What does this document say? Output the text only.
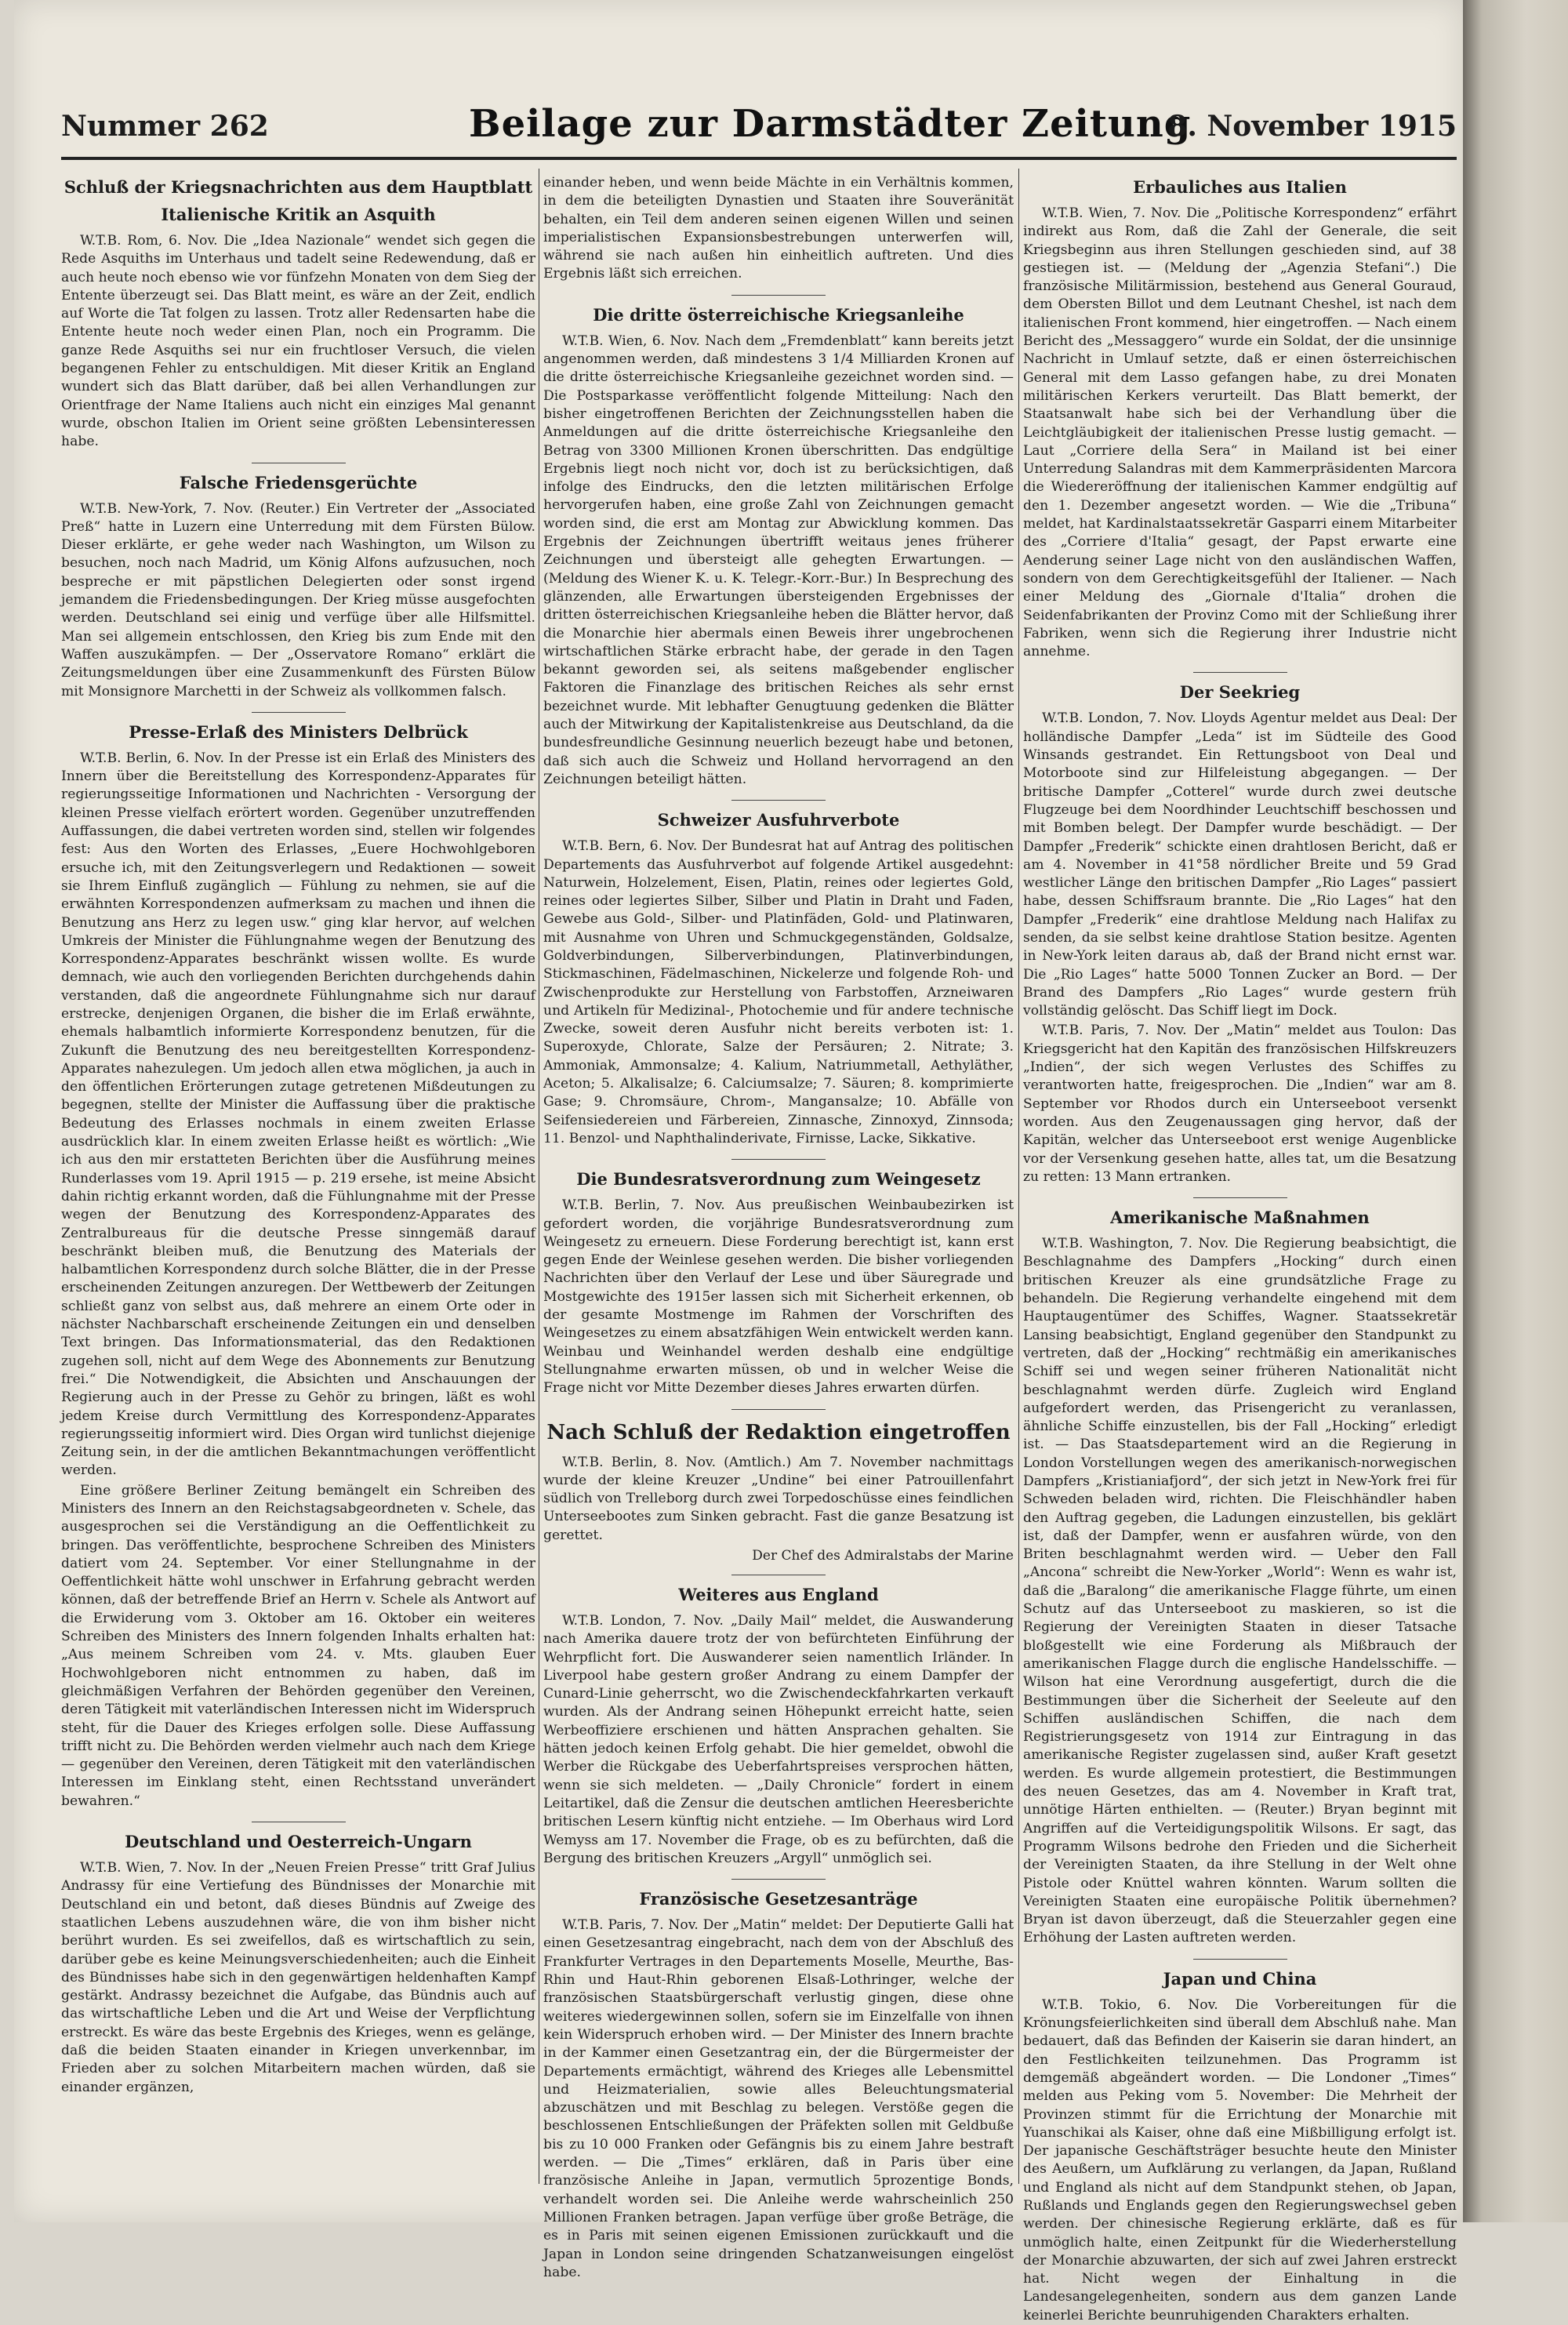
Nummer 262	Beilage zur Darmstädter Zeitung
8. November 1915
Schluß der Kriegsnachrichten aus dem Hauptblatt
Italienische Kritik an Asquith

W.T.B. Rom, 6. Nov. Die „Idea Nazionale“ wendet sich gegen die Rede Asquiths im Unterhaus und tadelt seine Redewendung, daß er auch heute noch ebenso wie vor fünfzehn Monaten von dem Sieg der Entente überzeugt sei. Das Blatt meint, es wäre an der Zeit, endlich auf Worte die Tat folgen zu lassen. Trotz aller Redensarten habe die Entente heute noch weder einen Plan, noch ein Programm. Die ganze Rede Asquiths sei nur ein fruchtloser Versuch, die vielen begangenen Fehler zu entschuldigen. Mit dieser Kritik an England wundert sich das Blatt darüber, daß bei allen Verhandlungen zur Orientfrage der Name Italiens auch nicht ein einziges Mal genannt wurde, obschon Italien im Orient seine größten Lebensinteressen habe.

Falsche Friedensgerüchte

W.T.B. New-York, 7. Nov. (Reuter.) Ein Vertreter der „Associated Preß“ hatte in Luzern eine Unterredung mit dem Fürsten Bülow. Dieser erklärte, er gehe weder nach Washington, um Wilson zu besuchen, noch nach Madrid, um König Alfons aufzusuchen, noch bespreche er mit päpstlichen Delegierten oder sonst irgend jemandem die Friedensbedingungen. Der Krieg müsse ausgefochten werden. Deutschland sei einig und verfüge über alle Hilfsmittel. Man sei allgemein entschlossen, den Krieg bis zum Ende mit den Waffen auszukämpfen. — Der „Osservatore Romano“ erklärt die Zeitungsmeldungen über eine Zusammenkunft des Fürsten Bülow mit Monsignore Marchetti in der Schweiz als vollkommen falsch.

Presse-Erlaß des Ministers Delbrück

W.T.B. Berlin, 6. Nov. In der Presse ist ein Erlaß des Ministers des Innern über die Bereitstellung des Korrespondenz-Apparates für regierungsseitige Informationen und Nachrichten - Versorgung der kleinen Presse vielfach erörtert worden. Gegenüber unzutreffenden Auffassungen, die dabei vertreten worden sind, stellen wir folgendes fest: Aus den Worten des Erlasses, „Euere Hochwohlgeboren ersuche ich, mit den Zeitungsverlegern und Redaktionen — soweit sie Ihrem Einfluß zugänglich — Fühlung zu nehmen, sie auf die erwähnten Korrespondenzen aufmerksam zu machen und ihnen die Benutzung ans Herz zu legen usw.“ ging klar hervor, auf welchen Umkreis der Minister die Fühlungnahme wegen der Benutzung des Korrespondenz-Apparates beschränkt wissen wollte. Es wurde demnach, wie auch den vorliegenden Berichten durchgehends dahin verstanden, daß die angeordnete Fühlungnahme sich nur darauf erstrecke, denjenigen Organen, die bisher die im Erlaß erwähnte, ehemals halbamtlich informierte Korrespondenz benutzen, für die Zukunft die Benutzung des neu bereitgestellten Korrespondenz-Apparates nahezulegen. Um jedoch allen etwa möglichen, ja auch in den öffentlichen Erörterungen zutage getretenen Mißdeutungen zu begegnen, stellte der Minister die Auffassung über die praktische Bedeutung des Erlasses nochmals in einem zweiten Erlasse ausdrücklich klar. In einem zweiten Erlasse heißt es wörtlich: „Wie ich aus den mir erstatteten Berichten über die Ausführung meines Runderlasses vom 19. April 1915 — p. 219 ersehe, ist meine Absicht dahin richtig erkannt worden, daß die Fühlungnahme mit der Presse wegen der Benutzung des Korrespondenz-Apparates des Zentralbureaus für die deutsche Presse sinngemäß darauf beschränkt bleiben muß, die Benutzung des Materials der halbamtlichen Korrespondenz durch solche Blätter, die in der Presse erscheinenden Zeitungen anzuregen. Der Wettbewerb der Zeitungen schließt ganz von selbst aus, daß mehrere an einem Orte oder in nächster Nachbarschaft erscheinende Zeitungen ein und denselben Text bringen. Das Informationsmaterial, das den Redaktionen zugehen soll, nicht auf dem Wege des Abonnements zur Benutzung frei.“ Die Notwendigkeit, die Absichten und Anschauungen der Regierung auch in der Presse zu Gehör zu bringen, läßt es wohl jedem Kreise durch Vermittlung des Korrespondenz-Apparates regierungsseitig informiert wird. Dies Organ wird tunlichst diejenige Zeitung sein, in der die amtlichen Bekanntmachungen veröffentlicht werden.

Eine größere Berliner Zeitung bemängelt ein Schreiben des Ministers des Innern an den Reichstagsabgeordneten v. Schele, das ausgesprochen sei die Verständigung an die Oeffentlichkeit zu bringen. Das veröffentlichte, besprochene Schreiben des Ministers datiert vom 24. September. Vor einer Stellungnahme in der Oeffentlichkeit hätte wohl unschwer in Erfahrung gebracht werden können, daß der betreffende Brief an Herrn v. Schele als Antwort auf die Erwiderung vom 3. Oktober am 16. Oktober ein weiteres Schreiben des Ministers des Innern folgenden Inhalts erhalten hat: „Aus meinem Schreiben vom 24. v. Mts. glauben Euer Hochwohlgeboren nicht entnommen zu haben, daß im gleichmäßigen Verfahren der Behörden gegenüber den Vereinen, deren Tätigkeit mit vaterländischen Interessen nicht im Widerspruch steht, für die Dauer des Krieges erfolgen solle. Diese Auffassung trifft nicht zu. Die Behörden werden vielmehr auch nach dem Kriege — gegenüber den Vereinen, deren Tätigkeit mit den vaterländischen Interessen im Einklang steht, einen Rechtsstand unverändert bewahren.“

Deutschland und Oesterreich-Ungarn

W.T.B. Wien, 7. Nov. In der „Neuen Freien Presse“ tritt Graf Julius Andrassy für eine Vertiefung des Bündnisses der Monarchie mit Deutschland ein und betont, daß dieses Bündnis auf Zweige des staatlichen Lebens auszudehnen wäre, die von ihm bisher nicht berührt wurden. Es sei zweifellos, daß es wirtschaftlich zu sein, darüber gebe es keine Meinungsverschiedenheiten; auch die Einheit des Bündnisses habe sich in den gegenwärtigen heldenhaften Kampf gestärkt. Andrassy bezeichnet die Aufgabe, das Bündnis auch auf das wirtschaftliche Leben und die Art und Weise der Verpflichtung erstreckt. Es wäre das beste Ergebnis des Krieges, wenn es gelänge, daß die beiden Staaten einander in Kriegen unverkennbar, im Frieden aber zu solchen Mitarbeitern machen würden, daß sie einander ergänzen,

einander heben, und wenn beide Mächte in ein Verhältnis kommen, in dem die beteiligten Dynastien und Staaten ihre Souveränität behalten, ein Teil dem anderen seinen eigenen Willen und seinen imperialistischen Expansionsbestrebungen unterwerfen will, während sie nach außen hin einheitlich auftreten. Und dies Ergebnis läßt sich erreichen.

Die dritte österreichische Kriegsanleihe

W.T.B. Wien, 6. Nov. Nach dem „Fremdenblatt“ kann bereits jetzt angenommen werden, daß mindestens 3 1/4 Milliarden Kronen auf die dritte österreichische Kriegsanleihe gezeichnet worden sind. — Die Postsparkasse veröffentlicht folgende Mitteilung: Nach den bisher eingetroffenen Berichten der Zeichnungsstellen haben die Anmeldungen auf die dritte österreichische Kriegsanleihe den Betrag von 3300 Millionen Kronen überschritten. Das endgültige Ergebnis liegt noch nicht vor, doch ist zu berücksichtigen, daß infolge des Eindrucks, den die letzten militärischen Erfolge hervorgerufen haben, eine große Zahl von Zeichnungen gemacht worden sind, die erst am Montag zur Abwicklung kommen. Das Ergebnis der Zeichnungen übertrifft weitaus jenes früherer Zeichnungen und übersteigt alle gehegten Erwartungen. — (Meldung des Wiener K. u. K. Telegr.-Korr.-Bur.) In Besprechung des glänzenden, alle Erwartungen übersteigenden Ergebnisses der dritten österreichischen Kriegsanleihe heben die Blätter hervor, daß die Monarchie hier abermals einen Beweis ihrer ungebrochenen wirtschaftlichen Stärke erbracht habe, der gerade in den Tagen bekannt geworden sei, als seitens maßgebender englischer Faktoren die Finanzlage des britischen Reiches als sehr ernst bezeichnet wurde. Mit lebhafter Genugtuung gedenken die Blätter auch der Mitwirkung der Kapitalistenkreise aus Deutschland, da die bundesfreundliche Gesinnung neuerlich bezeugt habe und betonen, daß sich auch die Schweiz und Holland hervorragend an den Zeichnungen beteiligt hätten.

Schweizer Ausfuhrverbote

W.T.B. Bern, 6. Nov. Der Bundesrat hat auf Antrag des politischen Departements das Ausfuhrverbot auf folgende Artikel ausgedehnt: Naturwein, Holzelement, Eisen, Platin, reines oder legiertes Gold, reines oder legiertes Silber, Silber und Platin in Draht und Faden, Gewebe aus Gold-, Silber- und Platinfäden, Gold- und Platinwaren, mit Ausnahme von Uhren und Schmuckgegenständen, Goldsalze, Goldverbindungen, Silberverbindungen, Platinverbindungen, Stickmaschinen, Fädelmaschinen, Nickelerze und folgende Roh- und Zwischenprodukte zur Herstellung von Farbstoffen, Arzneiwaren und Artikeln für Medizinal-, Photochemie und für andere technische Zwecke, soweit deren Ausfuhr nicht bereits verboten ist: 1. Superoxyde, Chlorate, Salze der Persäuren; 2. Nitrate; 3. Ammoniak, Ammonsalze; 4. Kalium, Natriummetall, Aethyläther, Aceton; 5. Alkalisalze; 6. Calciumsalze; 7. Säuren; 8. komprimierte Gase; 9. Chromsäure, Chrom-, Mangansalze; 10. Abfälle von Seifensiedereien und Färbereien, Zinnasche, Zinnoxyd, Zinnsoda; 11. Benzol- und Naphthalinderivate, Firnisse, Lacke, Sikkative.

Die Bundesratsverordnung zum Weingesetz

W.T.B. Berlin, 7. Nov. Aus preußischen Weinbaubezirken ist gefordert worden, die vorjährige Bundesratsverordnung zum Weingesetz zu erneuern. Diese Forderung berechtigt ist, kann erst gegen Ende der Weinlese gesehen werden. Die bisher vorliegenden Nachrichten über den Verlauf der Lese und über Säuregrade und Mostgewichte des 1915er lassen sich mit Sicherheit erkennen, ob der gesamte Mostmenge im Rahmen der Vorschriften des Weingesetzes zu einem absatzfähigen Wein entwickelt werden kann. Weinbau und Weinhandel werden deshalb eine endgültige Stellungnahme erwarten müssen, ob und in welcher Weise die Frage nicht vor Mitte Dezember dieses Jahres erwarten dürfen.

Nach Schluß der Redaktion eingetroffen

W.T.B. Berlin, 8. Nov. (Amtlich.) Am 7. November nachmittags wurde der kleine Kreuzer „Undine“ bei einer Patrouillenfahrt südlich von Trelleborg durch zwei Torpedoschüsse eines feindlichen Unterseebootes zum Sinken gebracht. Fast die ganze Besatzung ist gerettet.

Der Chef des Admiralstabs der Marine
Weiteres aus England

W.T.B. London, 7. Nov. „Daily Mail“ meldet, die Auswanderung nach Amerika dauere trotz der von befürchteten Einführung der Wehrpflicht fort. Die Auswanderer seien namentlich Irländer. In Liverpool habe gestern großer Andrang zu einem Dampfer der Cunard-Linie geherrscht, wo die Zwischendeckfahrkarten verkauft wurden. Als der Andrang seinen Höhepunkt erreicht hatte, seien Werbeoffiziere erschienen und hätten Ansprachen gehalten. Sie hätten jedoch keinen Erfolg gehabt. Die hier gemeldet, obwohl die Werber die Rückgabe des Ueberfahrtspreises versprochen hätten, wenn sie sich meldeten. — „Daily Chronicle“ fordert in einem Leitartikel, daß die Zensur die deutschen amtlichen Heeresberichte britischen Lesern künftig nicht entziehe. — Im Oberhaus wird Lord Wemyss am 17. November die Frage, ob es zu befürchten, daß die Bergung des britischen Kreuzers „Argyll“ unmöglich sei.

Französische Gesetzesanträge

W.T.B. Paris, 7. Nov. Der „Matin“ meldet: Der Deputierte Galli hat einen Gesetzesantrag eingebracht, nach dem von der Abschluß des Frankfurter Vertrages in den Departements Moselle, Meurthe, Bas-Rhin und Haut-Rhin geborenen Elsaß-Lothringer, welche der französischen Staatsbürgerschaft verlustig gingen, diese ohne weiteres wiedergewinnen sollen, sofern sie im Einzelfalle von ihnen kein Widerspruch erhoben wird. — Der Minister des Innern brachte in der Kammer einen Gesetzantrag ein, der die Bürgermeister der Departements ermächtigt, während des Krieges alle Lebensmittel und Heizmaterialien, sowie alles Beleuchtungsmaterial abzuschätzen und mit Beschlag zu belegen. Verstöße gegen die beschlossenen Entschließungen der Präfekten sollen mit Geldbuße bis zu 10 000 Franken oder Gefängnis bis zu einem Jahre bestraft werden. — Die „Times“ erklären, daß in Paris über eine französische Anleihe in Japan, vermutlich 5prozentige Bonds, verhandelt worden sei. Die Anleihe werde wahrscheinlich 250 Millionen Franken betragen. Japan verfüge über große Beträge, die es in Paris mit seinen eigenen Emissionen zurückkauft und die Japan in London seine dringenden Schatzanweisungen eingelöst habe.

Erbauliches aus Italien

W.T.B. Wien, 7. Nov. Die „Politische Korrespondenz“ erfährt indirekt aus Rom, daß die Zahl der Generale, die seit Kriegsbeginn aus ihren Stellungen geschieden sind, auf 38 gestiegen ist. — (Meldung der „Agenzia Stefani“.) Die französische Militärmission, bestehend aus General Gouraud, dem Obersten Billot und dem Leutnant Cheshel, ist nach dem italienischen Front kommend, hier eingetroffen. — Nach einem Bericht des „Messaggero“ wurde ein Soldat, der die unsinnige Nachricht in Umlauf setzte, daß er einen österreichischen General mit dem Lasso gefangen habe, zu drei Monaten militärischen Kerkers verurteilt. Das Blatt bemerkt, der Staatsanwalt habe sich bei der Verhandlung über die Leichtgläubigkeit der italienischen Presse lustig gemacht. — Laut „Corriere della Sera“ in Mailand ist bei einer Unterredung Salandras mit dem Kammerpräsidenten Marcora die Wiedereröffnung der italienischen Kammer endgültig auf den 1. Dezember angesetzt worden. — Wie die „Tribuna“ meldet, hat Kardinalstaatssekretär Gasparri einem Mitarbeiter des „Corriere d'Italia“ gesagt, der Papst erwarte eine Aenderung seiner Lage nicht von den ausländischen Waffen, sondern von dem Gerechtigkeitsgefühl der Italiener. — Nach einer Meldung des „Giornale d'Italia“ drohen die Seidenfabrikanten der Provinz Como mit der Schließung ihrer Fabriken, wenn sich die Regierung ihrer Industrie nicht annehme.

Der Seekrieg

W.T.B. London, 7. Nov. Lloyds Agentur meldet aus Deal: Der holländische Dampfer „Leda“ ist im Südteile des Good Winsands gestrandet. Ein Rettungsboot von Deal und Motorboote sind zur Hilfeleistung abgegangen. — Der britische Dampfer „Cotterel“ wurde durch zwei deutsche Flugzeuge bei dem Noordhinder Leuchtschiff beschossen und mit Bomben belegt. Der Dampfer wurde beschädigt. — Der Dampfer „Frederik“ schickte einen drahtlosen Bericht, daß er am 4. November in 41°58 nördlicher Breite und 59 Grad westlicher Länge den britischen Dampfer „Rio Lages“ passiert habe, dessen Schiffsraum brannte. Die „Rio Lages“ hat den Dampfer „Frederik“ eine drahtlose Meldung nach Halifax zu senden, da sie selbst keine drahtlose Station besitze. Agenten in New-York leiten daraus ab, daß der Brand nicht ernst war. Die „Rio Lages“ hatte 5000 Tonnen Zucker an Bord. — Der Brand des Dampfers „Rio Lages“ wurde gestern früh vollständig gelöscht. Das Schiff liegt im Dock.

W.T.B. Paris, 7. Nov. Der „Matin“ meldet aus Toulon: Das Kriegsgericht hat den Kapitän des französischen Hilfskreuzers „Indien“, der sich wegen Verlustes des Schiffes zu verantworten hatte, freigesprochen. Die „Indien“ war am 8. September vor Rhodos durch ein Unterseeboot versenkt worden. Aus den Zeugenaussagen ging hervor, daß der Kapitän, welcher das Unterseeboot erst wenige Augenblicke vor der Versenkung gesehen hatte, alles tat, um die Besatzung zu retten: 13 Mann ertranken.

Amerikanische Maßnahmen

W.T.B. Washington, 7. Nov. Die Regierung beabsichtigt, die Beschlagnahme des Dampfers „Hocking“ durch einen britischen Kreuzer als eine grundsätzliche Frage zu behandeln. Die Regierung verhandelte eingehend mit dem Hauptaugentümer des Schiffes, Wagner. Staatssekretär Lansing beabsichtigt, England gegenüber den Standpunkt zu vertreten, daß der „Hocking“ rechtmäßig ein amerikanisches Schiff sei und wegen seiner früheren Nationalität nicht beschlagnahmt werden dürfe. Zugleich wird England aufgefordert werden, das Prisengericht zu veranlassen, ähnliche Schiffe einzustellen, bis der Fall „Hocking“ erledigt ist. — Das Staatsdepartement wird an die Regierung in London Vorstellungen wegen des amerikanisch-norwegischen Dampfers „Kristianiafjord“, der sich jetzt in New-York frei für Schweden beladen wird, richten. Die Fleischhändler haben den Auftrag gegeben, die Ladungen einzustellen, bis geklärt ist, daß der Dampfer, wenn er ausfahren würde, von den Briten beschlagnahmt werden wird. — Ueber den Fall „Ancona“ schreibt die New-Yorker „World“: Wenn es wahr ist, daß die „Baralong“ die amerikanische Flagge führte, um einen Schutz auf das Unterseeboot zu maskieren, so ist die Regierung der Vereinigten Staaten in dieser Tatsache bloßgestellt wie eine Forderung als Mißbrauch der amerikanischen Flagge durch die englische Handelsschiffe. — Wilson hat eine Verordnung ausgefertigt, durch die die Bestimmungen über die Sicherheit der Seeleute auf den Schiffen ausländischen Schiffen, die nach dem Registrierungsgesetz von 1914 zur Eintragung in das amerikanische Register zugelassen sind, außer Kraft gesetzt werden. Es wurde allgemein protestiert, die Bestimmungen des neuen Gesetzes, das am 4. November in Kraft trat, unnötige Härten enthielten. — (Reuter.) Bryan beginnt mit Angriffen auf die Verteidigungspolitik Wilsons. Er sagt, das Programm Wilsons bedrohe den Frieden und die Sicherheit der Vereinigten Staaten, da ihre Stellung in der Welt ohne Pistole oder Knüttel wahren könnten. Warum sollten die Vereinigten Staaten eine europäische Politik übernehmen? Bryan ist davon überzeugt, daß die Steuerzahler gegen eine Erhöhung der Lasten auftreten werden.

Japan und China

W.T.B. Tokio, 6. Nov. Die Vorbereitungen für die Krönungsfeierlichkeiten sind überall dem Abschluß nahe. Man bedauert, daß das Befinden der Kaiserin sie daran hindert, an den Festlichkeiten teilzunehmen. Das Programm ist demgemäß abgeändert worden. — Die Londoner „Times“ melden aus Peking vom 5. November: Die Mehrheit der Provinzen stimmt für die Errichtung der Monarchie mit Yuanschikai als Kaiser, ohne daß eine Mißbilligung erfolgt ist. Der japanische Geschäftsträger besuchte heute den Minister des Aeußern, um Aufklärung zu verlangen, da Japan, Rußland und England als nicht auf dem Standpunkt stehen, ob Japan, Rußlands und Englands gegen den Regierungswechsel geben werden. Der chinesische Regierung erklärte, daß es für unmöglich halte, einen Zeitpunkt für die Wiederherstellung der Monarchie abzuwarten, der sich auf zwei Jahren erstreckt hat. Nicht wegen der Einhaltung in die Landesangelegenheiten, sondern aus dem ganzen Lande keinerlei Berichte beunruhigenden Charakters erhalten.
